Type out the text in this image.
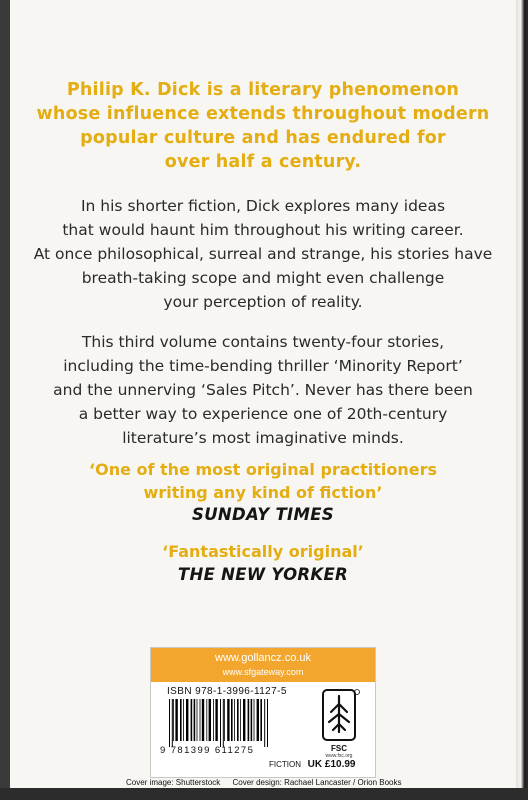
Philip K. Dick is a literary phenomenon
whose influence extends throughout modern
popular culture and has endured for
over half a century.

In his shorter fiction, Dick explores many ideas
that would haunt him throughout his writing career.
At once philosophical, surreal and strange, his stories have
breath-taking scope and might even challenge
your perception of reality.

This third volume contains twenty-four stories,
including the time-bending thriller ‘Minority Report’
and the unnerving ‘Sales Pitch’. Never has there been
a better way to experience one of 20th-century
literature’s most imaginative minds.

‘One of the most original practitioners
writing any kind of fiction’

SUNDAY TIMES

‘Fantastically original’

THE NEW YORKER

www.gollancz.co.uk
www.sfgateway.com
ISBN 978-1-3996-1127-5
9 781399 611275	FSC
www.fsc.org
FICTION UK £10.99
Cover image: Shutterstock Cover design: Rachael Lancaster / Orion Books
